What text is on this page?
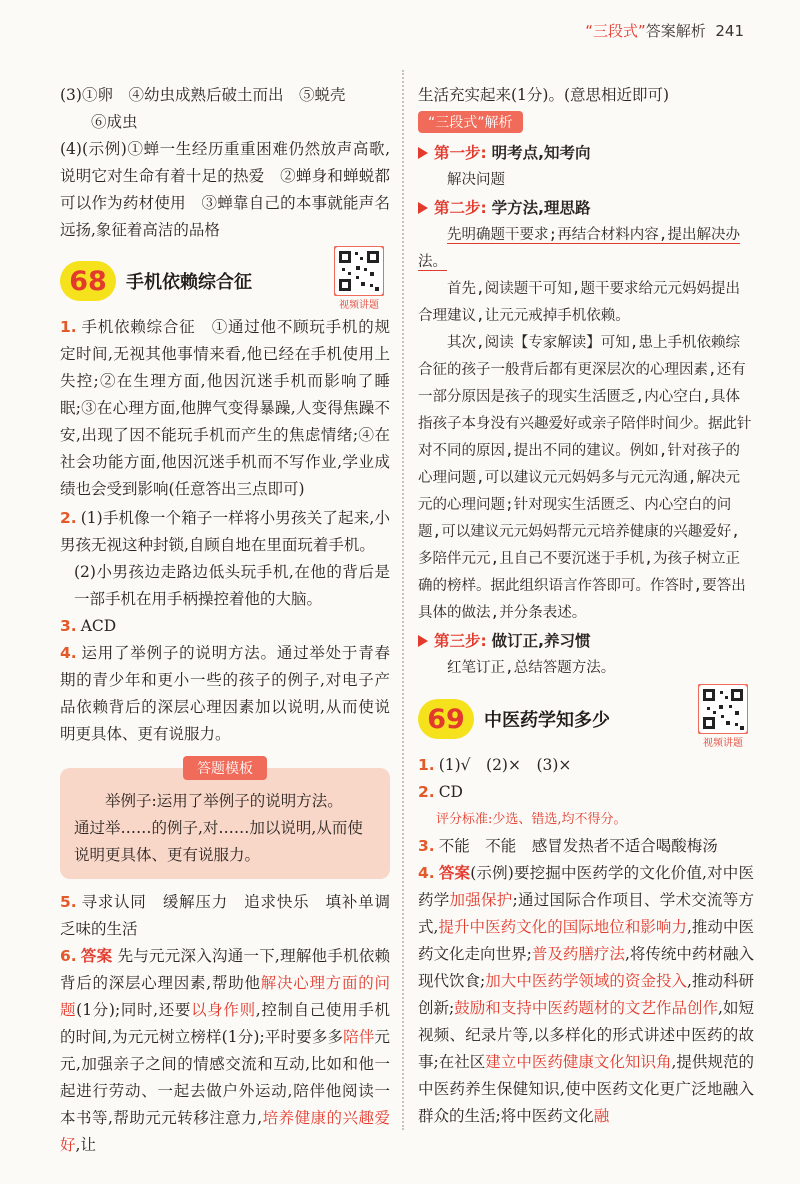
“三段式”答案解析 241

(3)①卵　④幼虫成熟后破土而出　⑤蜕壳

⑥成虫

(4)(示例)①蝉一生经历重重困难仍然放声高歌,说明它对生命有着十足的热爱　②蝉身和蝉蜕都可以作为药材使用　③蝉靠自己的本事就能声名远扬,象征着高洁的品格

68 手机依赖综合征
视频讲题

1. 手机依赖综合征　①通过他不顾玩手机的规定时间,无视其他事情来看,他已经在手机使用上失控;②在生理方面,他因沉迷手机而影响了睡眠;③在心理方面,他脾气变得暴躁,人变得焦躁不安,出现了因不能玩手机而产生的焦虑情绪;④在社会功能方面,他因沉迷手机而不写作业,学业成绩也会受到影响(任意答出三点即可)

2. (1)手机像一个箱子一样将小男孩关了起来,小男孩无视这种封锁,自顾自地在里面玩着手机。

(2)小男孩边走路边低头玩手机,在他的背后是一部手机在用手柄操控着他的大脑。

3. ACD

4. 运用了举例子的说明方法。通过举处于青春期的青少年和更小一些的孩子的例子,对电子产品依赖背后的深层心理因素加以说明,从而使说明更具体、更有说服力。

答题模板

举例子:运用了举例子的说明方法。

通过举……的例子,对……加以说明,从而使说明更具体、更有说服力。

5. 寻求认同　缓解压力　追求快乐　填补单调乏味的生活

6. 答案 先与元元深入沟通一下,理解他手机依赖背后的深层心理因素,帮助他解决心理方面的问题(1分);同时,还要以身作则,控制自己使用手机的时间,为元元树立榜样(1分);平时要多多陪伴元元,加强亲子之间的情感交流和互动,比如和他一起进行劳动、一起去做户外运动,陪伴他阅读一本书等,帮助元元转移注意力,培养健康的兴趣爱好,让

生活充实起来(1分)。(意思相近即可)

“三段式”解析
第一步:
明考点,知考向

解决问题

第二步:
学方法,理思路

先明确题干要求;再结合材料内容,提出解决办法。

首先,阅读题干可知,题干要求给元元妈妈提出合理建议,让元元戒掉手机依赖。

其次,阅读【专家解读】可知,患上手机依赖综合征的孩子一般背后都有更深层次的心理因素,还有一部分原因是孩子的现实生活匮乏,内心空白,具体指孩子本身没有兴趣爱好或亲子陪伴时间少。据此针对不同的原因,提出不同的建议。例如,针对孩子的心理问题,可以建议元元妈妈多与元元沟通,解决元元的心理问题;针对现实生活匮乏、内心空白的问题,可以建议元元妈妈帮元元培养健康的兴趣爱好,多陪伴元元,且自己不要沉迷于手机,为孩子树立正确的榜样。据此组织语言作答即可。作答时,要答出具体的做法,并分条表述。

第三步:
做订正,养习惯

红笔订正,总结答题方法。

69 中医药学知多少
视频讲题

1. (1)√　(2)×　(3)×

2. CD

评分标准:少选、错选,均不得分。

3. 不能　不能　感冒发热者不适合喝酸梅汤

4. 答案(示例)要挖掘中医药学的文化价值,对中医药学加强保护;通过国际合作项目、学术交流等方式,提升中医药文化的国际地位和影响力,推动中医药文化走向世界;普及药膳疗法,将传统中药材融入现代饮食;加大中医药学领域的资金投入,推动科研创新;鼓励和支持中医药题材的文艺作品创作,如短视频、纪录片等,以多样化的形式讲述中医药的故事;在社区建立中医药健康文化知识角,提供规范的中医药养生保健知识,使中医药文化更广泛地融入群众的生活;将中医药文化融
